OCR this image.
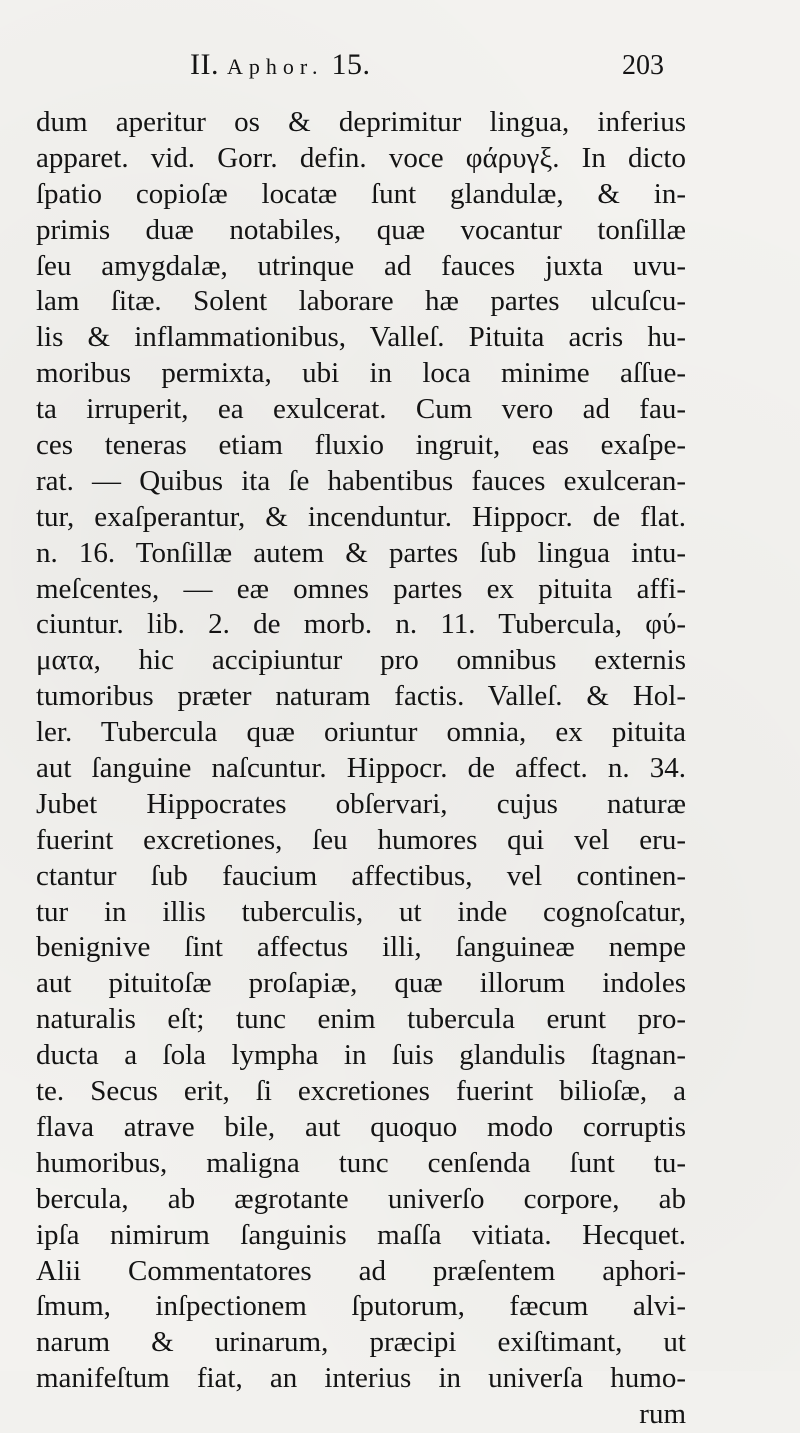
II. Aphor. 15.	203
dum aperitur os & deprimitur lingua, inferius
apparet. vid. Gorr. defin. voce φάρυγξ. In dicto
ſpatio copioſæ locatæ ſunt glandulæ, & in-
primis duæ notabiles, quæ vocantur tonſillæ
ſeu amygdalæ, utrinque ad fauces juxta uvu-
lam ſitæ. Solent laborare hæ partes ulcuſcu-
lis & inflammationibus, Valleſ. Pituita acris hu-
moribus permixta, ubi in loca minime aſſue-
ta irruperit, ea exulcerat. Cum vero ad fau-
ces teneras etiam fluxio ingruit, eas exaſpe-
rat. — Quibus ita ſe habentibus fauces exulceran-
tur, exaſperantur, & incenduntur. Hippocr. de flat.
n. 16. Tonſillæ autem & partes ſub lingua intu-
meſcentes, — eæ omnes partes ex pituita affi-
ciuntur. lib. 2. de morb. n. 11. Tubercula, φύ-
ματα, hic accipiuntur pro omnibus externis
tumoribus præter naturam factis. Valleſ. & Hol-
ler. Tubercula quæ oriuntur omnia, ex pituita
aut ſanguine naſcuntur. Hippocr. de affect. n. 34.
Jubet Hippocrates obſervari, cujus naturæ
fuerint excretiones, ſeu humores qui vel eru-
ctantur ſub faucium affectibus, vel continen-
tur in illis tuberculis, ut inde cognoſcatur,
benignive ſint affectus illi, ſanguineæ nempe
aut pituitoſæ proſapiæ, quæ illorum indoles
naturalis eſt; tunc enim tubercula erunt pro-
ducta a ſola lympha in ſuis glandulis ſtagnan-
te. Secus erit, ſi excretiones fuerint bilioſæ, a
flava atrave bile, aut quoquo modo corruptis
humoribus, maligna tunc cenſenda ſunt tu-
bercula, ab ægrotante univerſo corpore, ab
ipſa nimirum ſanguinis maſſa vitiata. Hecquet.
Alii Commentatores ad præſentem aphori-
ſmum, inſpectionem ſputorum, fæcum alvi-
narum & urinarum, præcipi exiſtimant, ut
manifeſtum fiat, an interius in univerſa humo-
rum
